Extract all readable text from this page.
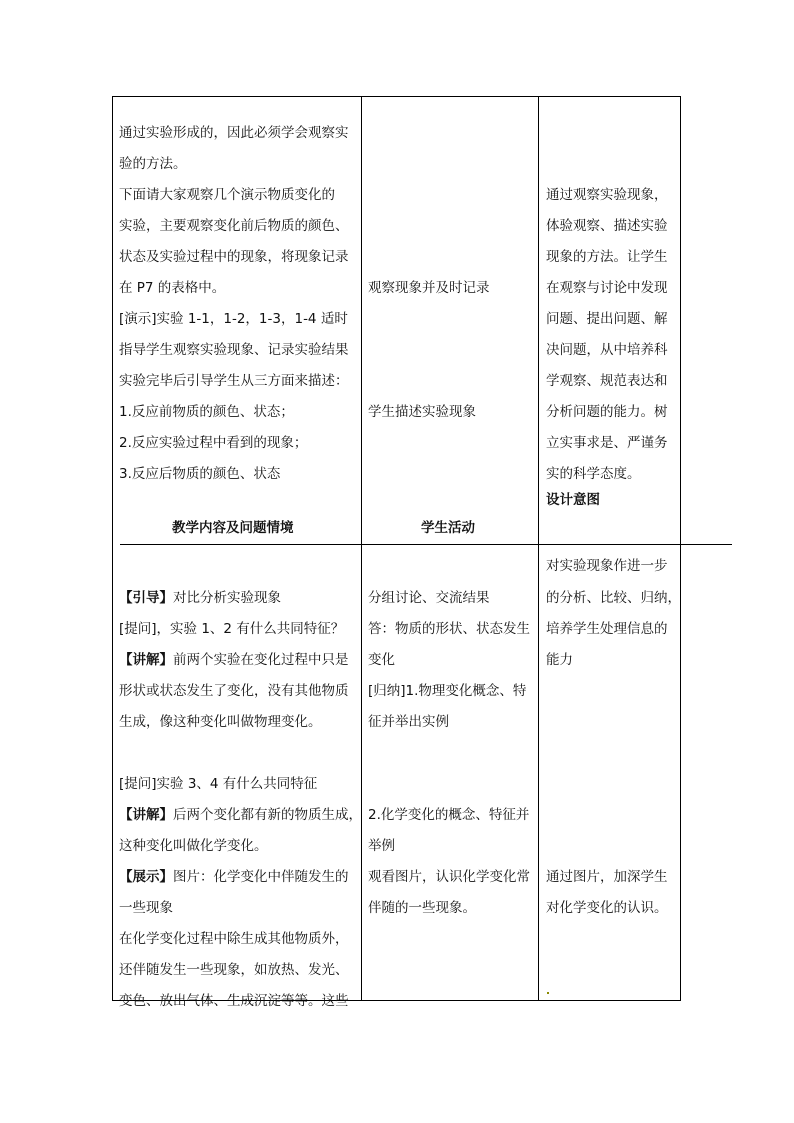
通过实验形成的，因此必须学会观察实
验的方法。
下面请大家观察几个演示物质变化的
实验，主要观察变化前后物质的颜色、
状态及实验过程中的现象，将现象记录
在 P7 的表格中。
[演示]实验 1-1，1-2，1-3，1-4 适时
指导学生观察实验现象、记录实验结果
实验完毕后引导学生从三方面来描述：
1.反应前物质的颜色、状态；
2.反应实验过程中看到的现象；
3.反应后物质的颜色、状态
观察现象并及时记录
学生描述实验现象
通过观察实验现象，
体验观察、描述实验
现象的方法。让学生
在观察与讨论中发现
问题、提出问题、解
决问题，从中培养科
学观察、规范表达和
分析问题的能力。树
立实事求是、严谨务
实的科学态度。
教学内容及问题情境	学生活动
设计意图
【引导】对比分析实验现象
[提问]，实验 1、2 有什么共同特征？
【讲解】前两个实验在变化过程中只是
形状或状态发生了变化，没有其他物质
生成，像这种变化叫做物理变化。
[提问]实验 3、4 有什么共同特征
【讲解】后两个变化都有新的物质生成，
这种变化叫做化学变化。
【展示】图片：化学变化中伴随发生的
一些现象
在化学变化过程中除生成其他物质外，
还伴随发生一些现象，如放热、发光、
变色、放出气体、生成沉淀等等。这些
分组讨论、交流结果
答：物质的形状、状态发生
变化
[归纳]1.物理变化概念、特
征并举出实例
2.化学变化的概念、特征并
举例
观看图片，认识化学变化常
伴随的一些现象。
对实验现象作进一步
的分析、比较、归纳，
培养学生处理信息的
能力
通过图片，加深学生
对化学变化的认识。
